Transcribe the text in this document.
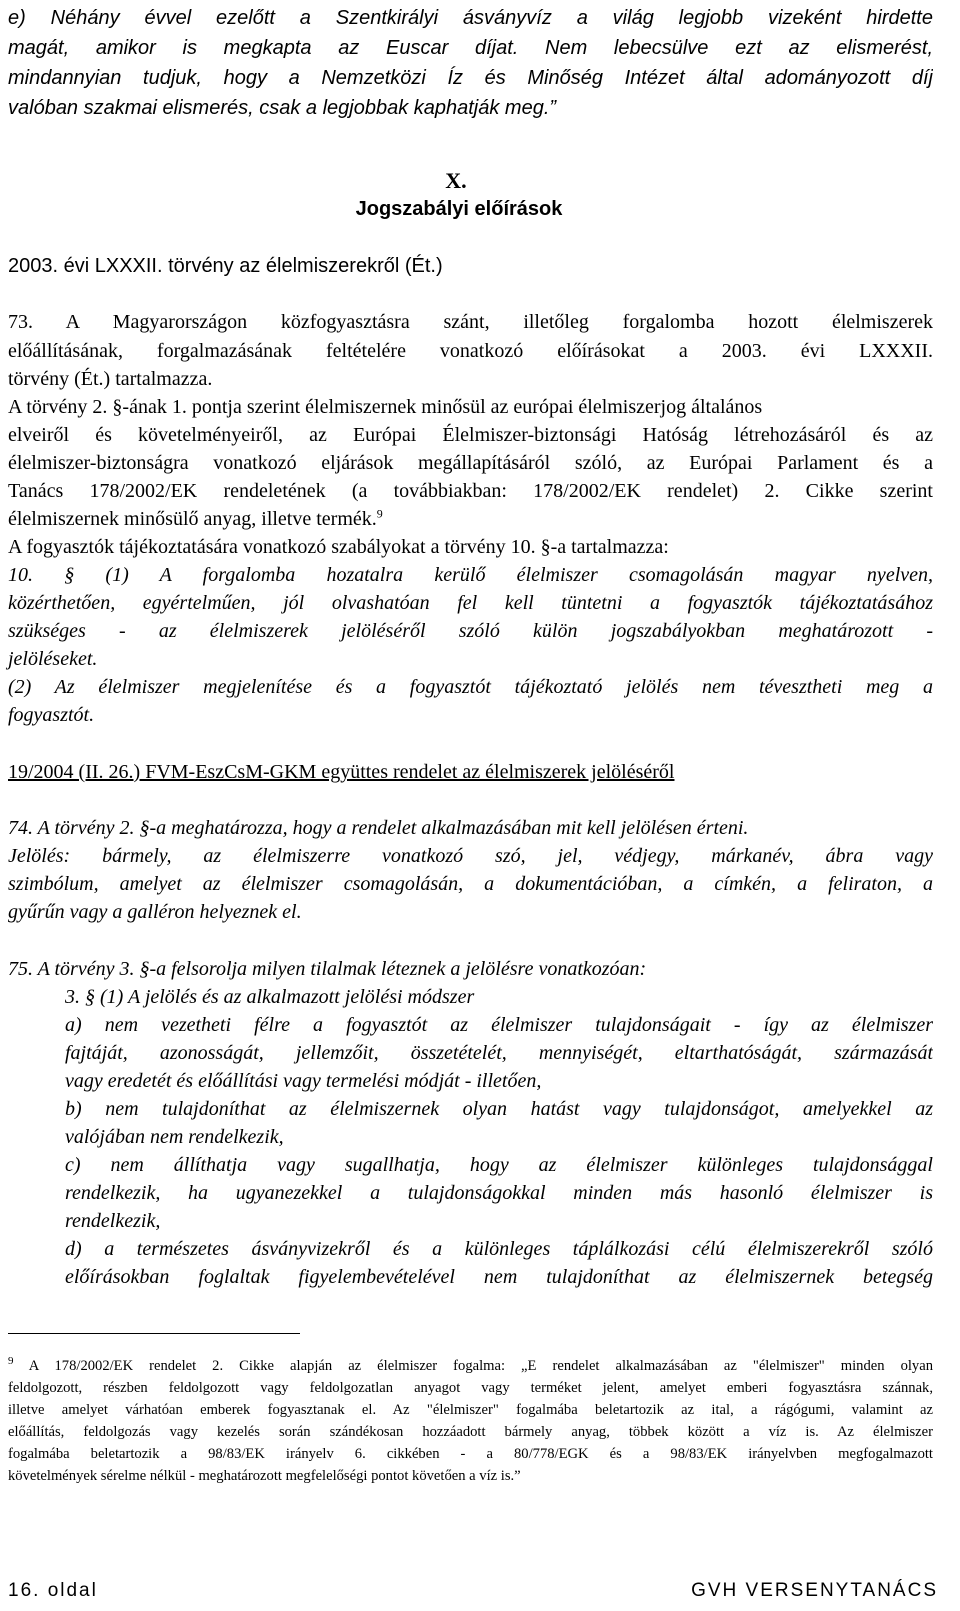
e) Néhány évvel ezelőtt a Szentkirályi ásványvíz a világ legjobb vizeként hirdette
magát, amikor is megkapta az Euscar díjat. Nem lebecsülve ezt az elismerést,
mindannyian tudjuk, hogy a Nemzetközi Íz és Minőség Intézet által adományozott díj
valóban szakmai elismerés, csak a legjobbak kaphatják meg.”
X.
Jogszabályi előírások
2003. évi LXXXII. törvény az élelmiszerekről (Ét.)
73. A Magyarországon közfogyasztásra szánt, illetőleg forgalomba hozott élelmiszerek
előállításának, forgalmazásának feltételére vonatkozó előírásokat a 2003. évi LXXXII.
törvény (Ét.) tartalmazza.
A törvény 2. §-ának 1. pontja szerint élelmiszernek minősül az európai élelmiszerjog általános
elveiről és követelményeiről, az Európai Élelmiszer-biztonsági Hatóság létrehozásáról és az
élelmiszer-biztonságra vonatkozó eljárások megállapításáról szóló, az Európai Parlament és a
Tanács 178/2002/EK rendeletének (a továbbiakban: 178/2002/EK rendelet) 2. Cikke szerint
élelmiszernek minősülő anyag, illetve termék.$^9$
A fogyasztók tájékoztatására vonatkozó szabályokat a törvény 10. §-a tartalmazza:
10. § (1) A forgalomba hozatalra kerülő élelmiszer csomagolásán magyar nyelven,
közérthetően, egyértelműen, jól olvashatóan fel kell tüntetni a fogyasztók tájékoztatásához
szükséges - az élelmiszerek jelöléséről szóló külön jogszabályokban meghatározott -
jelöléseket.
(2) Az élelmiszer megjelenítése és a fogyasztót tájékoztató jelölés nem tévesztheti meg a
fogyasztót.
19/2004 (II. 26.) FVM-EszCsM-GKM együttes rendelet az élelmiszerek jelöléséről
74. A törvény 2. §-a meghatározza, hogy a rendelet alkalmazásában mit kell jelölésen érteni.
Jelölés: bármely, az élelmiszerre vonatkozó szó, jel, védjegy, márkanév, ábra vagy
szimbólum, amelyet az élelmiszer csomagolásán, a dokumentációban, a címkén, a feliraton, a
gyűrűn vagy a galléron helyeznek el.
75. A törvény 3. §-a felsorolja milyen tilalmak léteznek a jelölésre vonatkozóan:
3. § (1) A jelölés és az alkalmazott jelölési módszer
a) nem vezetheti félre a fogyasztót az élelmiszer tulajdonságait - így az élelmiszer
fajtáját, azonosságát, jellemzőit, összetételét, mennyiségét, eltarthatóságát, származását
vagy eredetét és előállítási vagy termelési módját - illetően,
b) nem tulajdoníthat az élelmiszernek olyan hatást vagy tulajdonságot, amelyekkel az
valójában nem rendelkezik,
c) nem állíthatja vagy sugallhatja, hogy az élelmiszer különleges tulajdonsággal
rendelkezik, ha ugyanezekkel a tulajdonságokkal minden más hasonló élelmiszer is
rendelkezik,
d) a természetes ásványvizekről és a különleges táplálkozási célú élelmiszerekről szóló
előírásokban foglaltak figyelembevételével nem tulajdoníthat az élelmiszernek betegség
$^9$ A 178/2002/EK rendelet 2. Cikke alapján az élelmiszer fogalma: „E rendelet alkalmazásában az "élelmiszer" minden olyan
feldolgozott, részben feldolgozott vagy feldolgozatlan anyagot vagy terméket jelent, amelyet emberi fogyasztásra szánnak,
illetve amelyet várhatóan emberek fogyasztanak el. Az "élelmiszer" fogalmába beletartozik az ital, a rágógumi, valamint az
előállítás, feldolgozás vagy kezelés során szándékosan hozzáadott bármely anyag, többek között a víz is. Az élelmiszer
fogalmába beletartozik a 98/83/EK irányelv 6. cikkében - a 80/778/EGK és a 98/83/EK irányelvben megfogalmazott
követelmények sérelme nélkül - meghatározott megfelelőségi pontot követően a víz is.”
16. oldal	GVH VERSENYTANÁCS
